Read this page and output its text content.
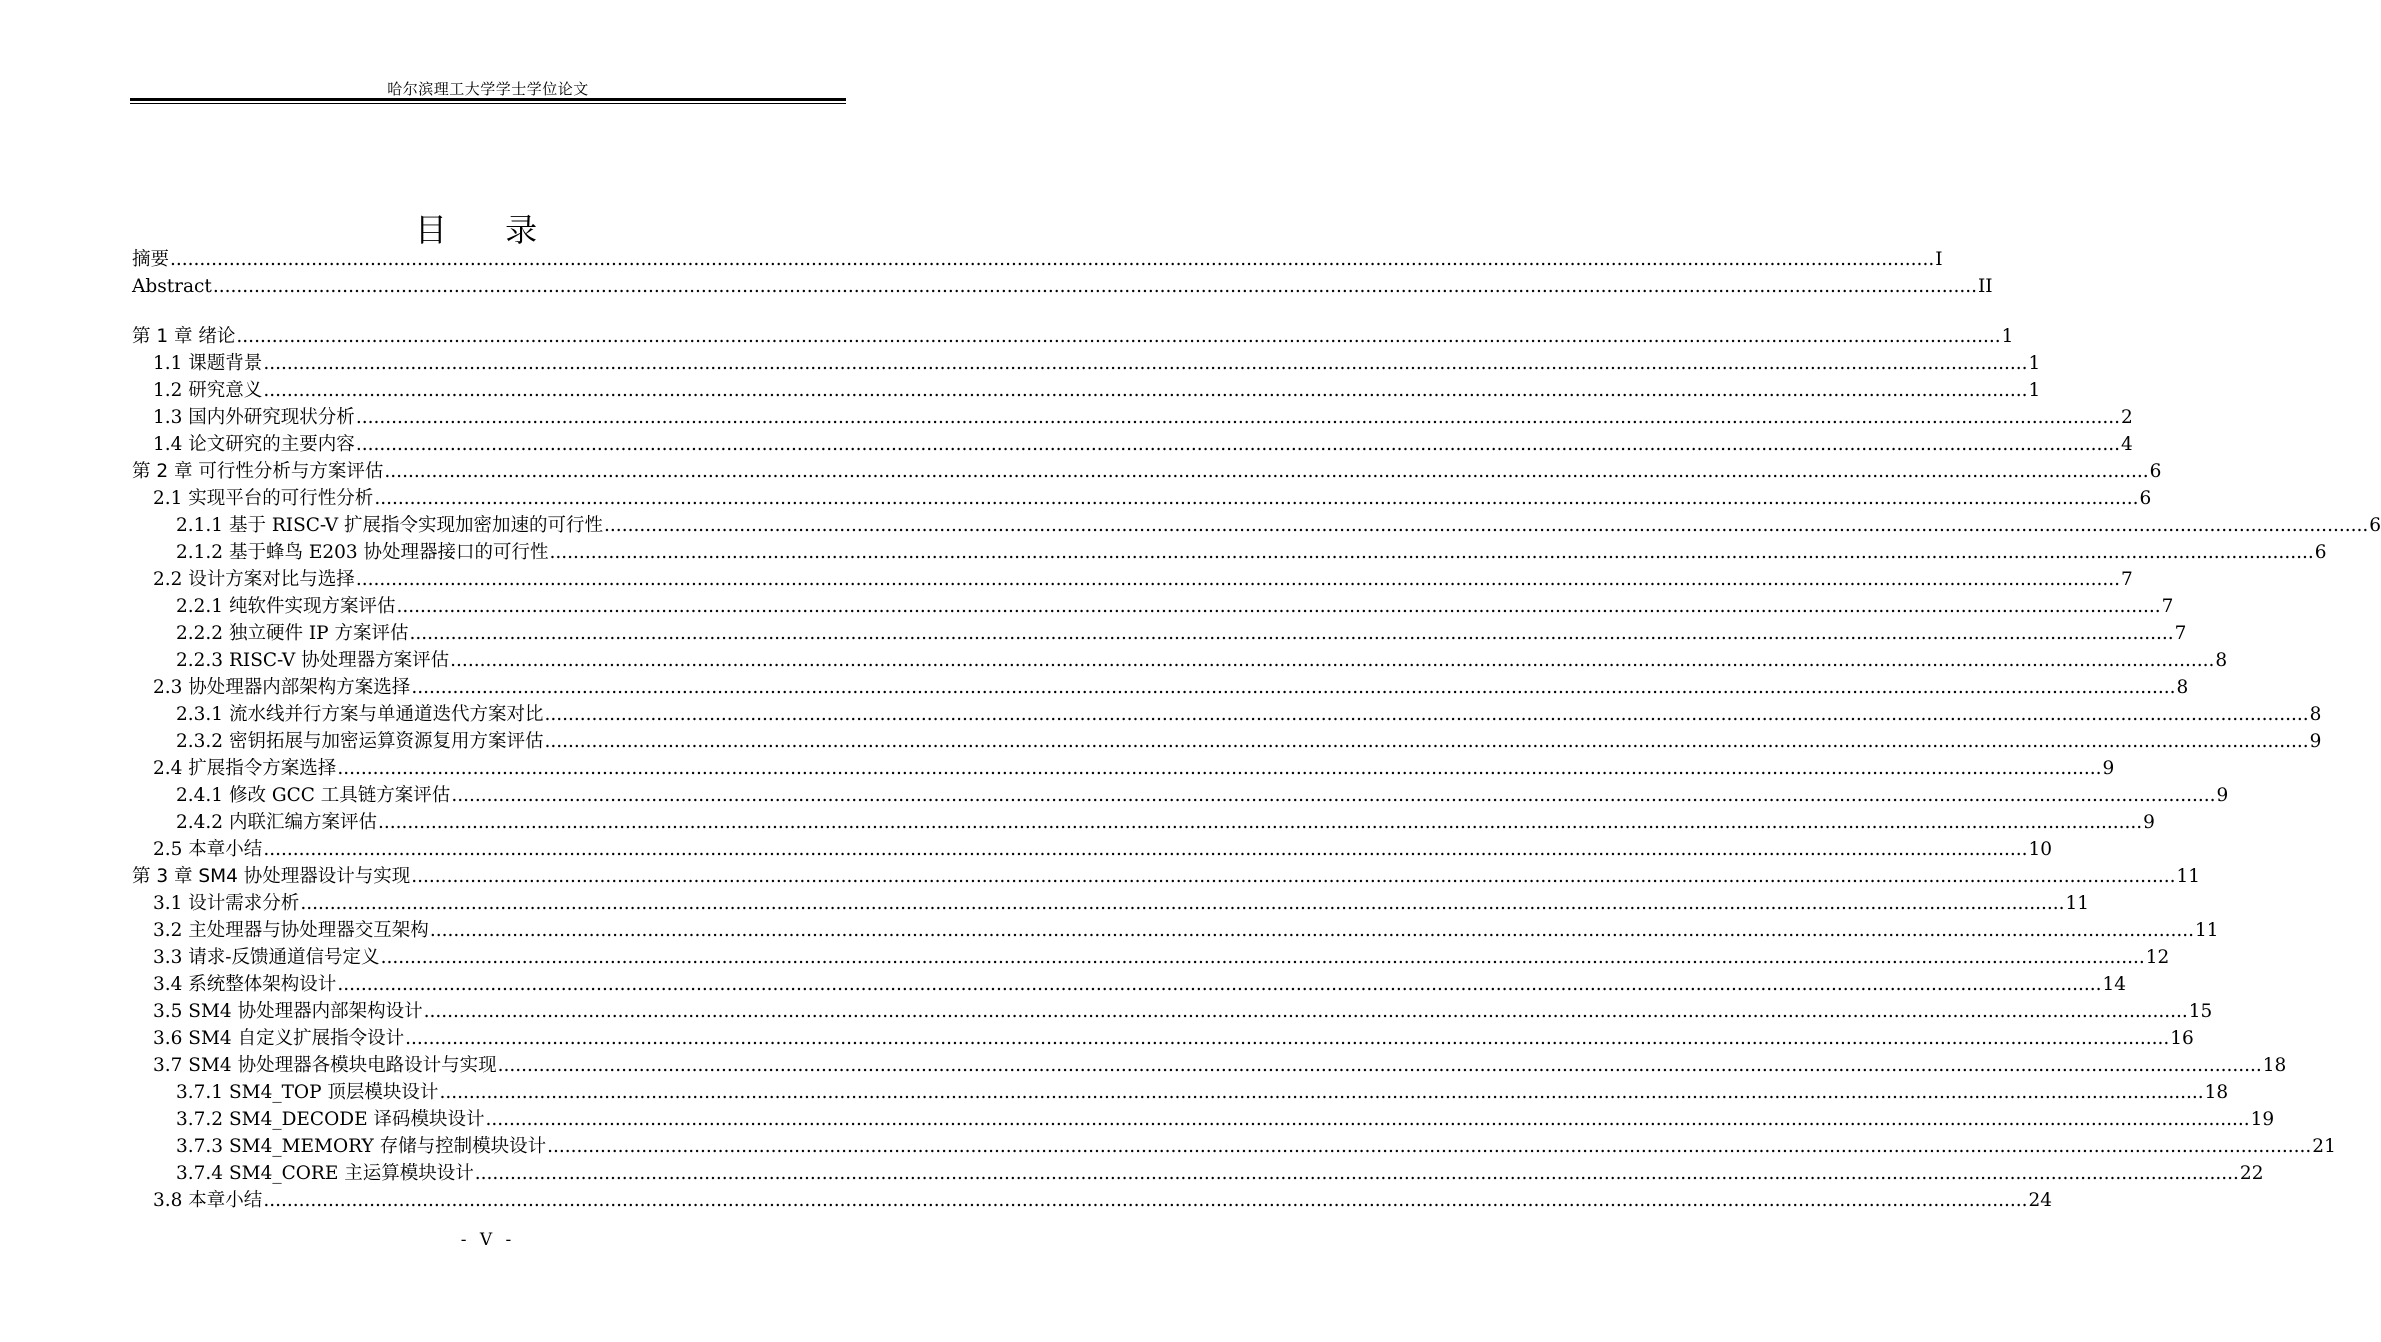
哈尔滨理工大学学士学位论文
目 录
摘要 ............................................................................................................................................................................................................................................................................................................ I
Abstract ............................................................................................................................................................................................................................................................................................................ II
第 1 章 绪论 ............................................................................................................................................................................................................................................................................................................ 1
1.1 课题背景 ............................................................................................................................................................................................................................................................................................................ 1
1.2 研究意义 ............................................................................................................................................................................................................................................................................................................ 1
1.3 国内外研究现状分析 ............................................................................................................................................................................................................................................................................................................ 2
1.4 论文研究的主要内容 ............................................................................................................................................................................................................................................................................................................ 4
第 2 章 可行性分析与方案评估 ............................................................................................................................................................................................................................................................................................................ 6
2.1 实现平台的可行性分析 ............................................................................................................................................................................................................................................................................................................ 6
2.1.1 基于 RISC-V 扩展指令实现加密加速的可行性 ............................................................................................................................................................................................................................................................................................................ 6
2.1.2 基于蜂鸟 E203 协处理器接口的可行性 ............................................................................................................................................................................................................................................................................................................ 6
2.2 设计方案对比与选择 ............................................................................................................................................................................................................................................................................................................ 7
2.2.1 纯软件实现方案评估 ............................................................................................................................................................................................................................................................................................................ 7
2.2.2 独立硬件 IP 方案评估 ............................................................................................................................................................................................................................................................................................................ 7
2.2.3 RISC-V 协处理器方案评估 ............................................................................................................................................................................................................................................................................................................ 8
2.3 协处理器内部架构方案选择 ............................................................................................................................................................................................................................................................................................................ 8
2.3.1 流水线并行方案与单通道迭代方案对比 ............................................................................................................................................................................................................................................................................................................ 8
2.3.2 密钥拓展与加密运算资源复用方案评估 ............................................................................................................................................................................................................................................................................................................ 9
2.4 扩展指令方案选择 ............................................................................................................................................................................................................................................................................................................ 9
2.4.1 修改 GCC 工具链方案评估 ............................................................................................................................................................................................................................................................................................................ 9
2.4.2 内联汇编方案评估 ............................................................................................................................................................................................................................................................................................................ 9
2.5 本章小结 ............................................................................................................................................................................................................................................................................................................ 10
第 3 章 SM4 协处理器设计与实现 ............................................................................................................................................................................................................................................................................................................ 11
3.1 设计需求分析 ............................................................................................................................................................................................................................................................................................................ 11
3.2 主处理器与协处理器交互架构 ............................................................................................................................................................................................................................................................................................................ 11
3.3 请求-反馈通道信号定义 ............................................................................................................................................................................................................................................................................................................ 12
3.4 系统整体架构设计 ............................................................................................................................................................................................................................................................................................................ 14
3.5 SM4 协处理器内部架构设计 ............................................................................................................................................................................................................................................................................................................ 15
3.6 SM4 自定义扩展指令设计 ............................................................................................................................................................................................................................................................................................................ 16
3.7 SM4 协处理器各模块电路设计与实现 ............................................................................................................................................................................................................................................................................................................ 18
3.7.1 SM4_TOP 顶层模块设计 ............................................................................................................................................................................................................................................................................................................ 18
3.7.2 SM4_DECODE 译码模块设计 ............................................................................................................................................................................................................................................................................................................ 19
3.7.3 SM4_MEMORY 存储与控制模块设计 ............................................................................................................................................................................................................................................................................................................ 21
3.7.4 SM4_CORE 主运算模块设计 ............................................................................................................................................................................................................................................................................................................ 22
3.8 本章小结 ............................................................................................................................................................................................................................................................................................................ 24
- V -
